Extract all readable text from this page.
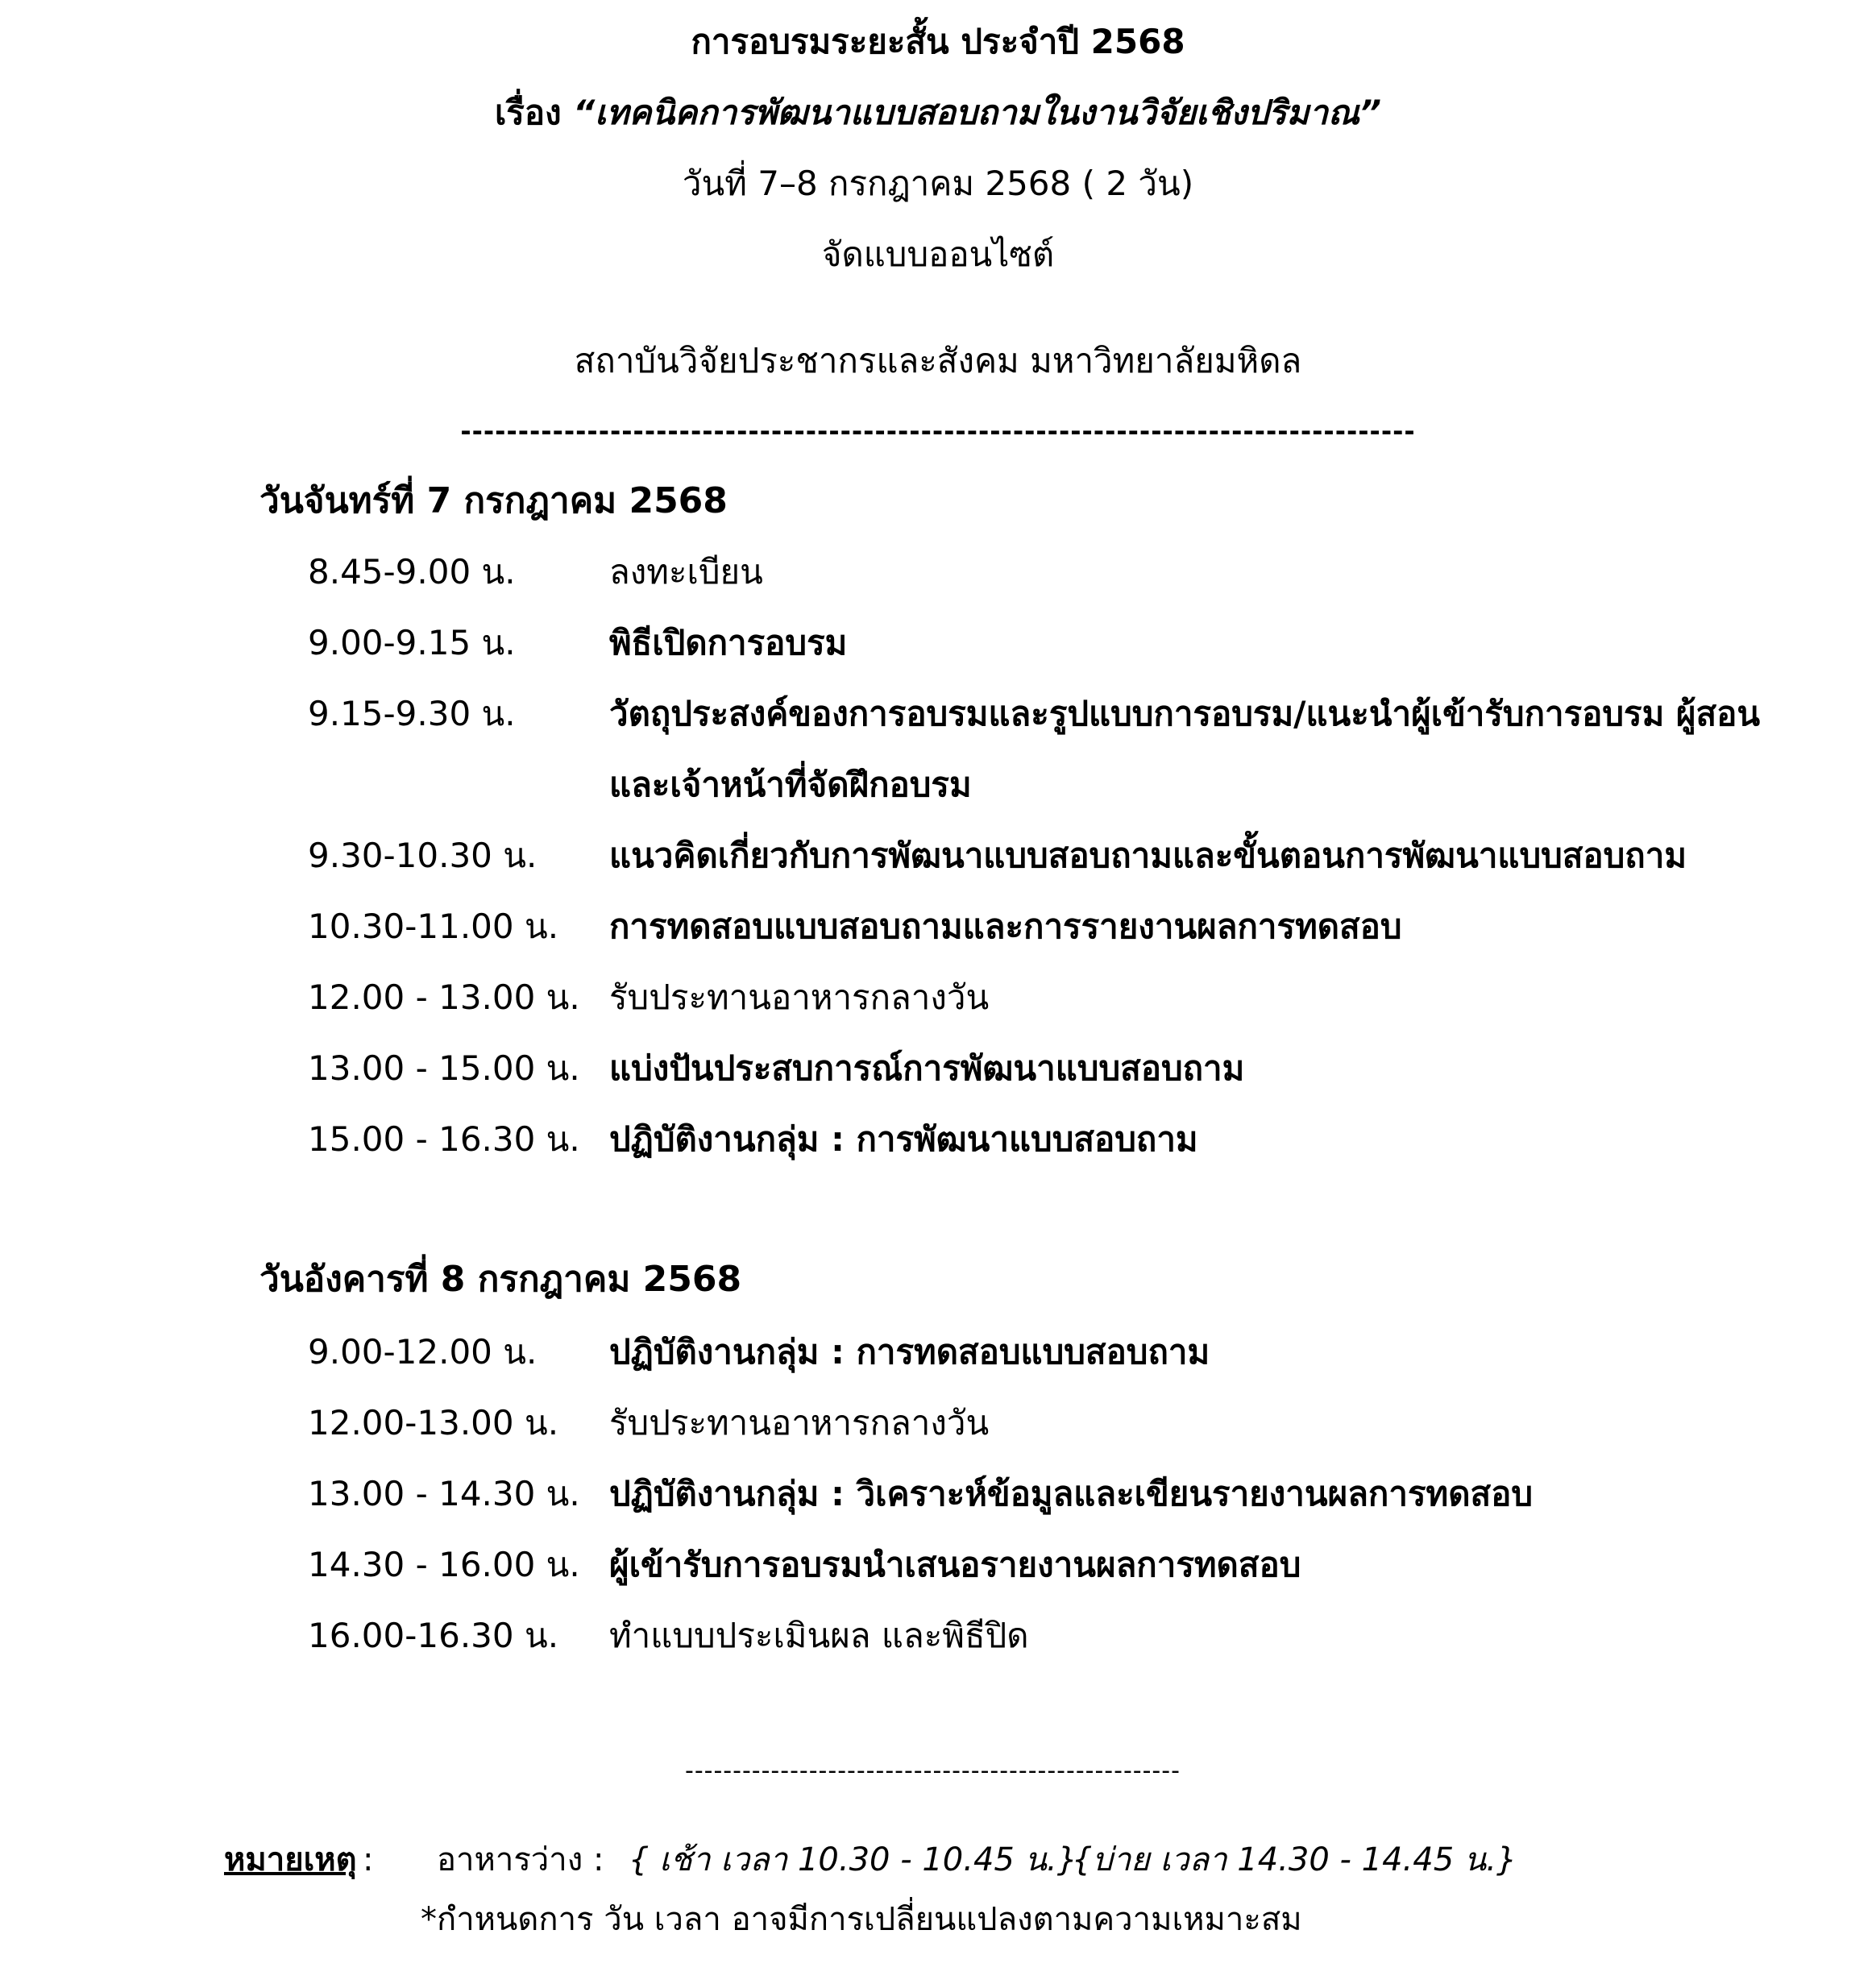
การอบรมระยะสั้น ประจำปี 2568
เรื่อง “เทคนิคการพัฒนาแบบสอบถามในงานวิจัยเชิงปริมาณ”
วันที่ 7–8 กรกฎาคม 2568 ( 2 วัน)
จัดแบบออนไซต์
สถาบันวิจัยประชากรและสังคม มหาวิทยาลัยมหิดล
-----------------------------------------------------------------------------------
วันจันทร์ที่ 7 กรกฎาคม 2568
8.45-9.00 น.	ลงทะเบียน
9.00-9.15 น.	พิธีเปิดการอบรม
9.15-9.30 น.	วัตถุประสงค์ของการอบรมและรูปแบบการอบรม/แนะนำผู้เข้ารับการอบรม ผู้สอน และเจ้าหน้าที่จัดฝึกอบรม
9.30-10.30 น. แนวคิดเกี่ยวกับการพัฒนาแบบสอบถามและขั้นตอนการพัฒนาแบบสอบถาม
10.30-11.00 น. การทดสอบแบบสอบถามและการรายงานผลการทดสอบ
12.00 - 13.00 น. รับประทานอาหารกลางวัน
13.00 - 15.00 น. แบ่งปันประสบการณ์การพัฒนาแบบสอบถาม
15.00 - 16.30 น. ปฏิบัติงานกลุ่ม : การพัฒนาแบบสอบถาม
วันอังคารที่ 8 กรกฎาคม 2568
9.00-12.00 น. ปฏิบัติงานกลุ่ม : การทดสอบแบบสอบถาม
12.00-13.00 น. รับประทานอาหารกลางวัน
13.00 - 14.30 น. ปฏิบัติงานกลุ่ม : วิเคราะห์ข้อมูลและเขียนรายงานผลการทดสอบ
14.30 - 16.00 น. ผู้เข้ารับการอบรมนำเสนอรายงานผลการทดสอบ
16.00-16.30 น. ทำแบบประเมินผล และพิธีปิด
----------------------------------------------------
หมายเหตุ : อาหารว่าง : { เช้า เวลา 10.30 - 10.45 น.}
{บ่าย เวลา 14.30 - 14.45 น.}
*กำหนดการ วัน เวลา อาจมีการเปลี่ยนแปลงตามความเหมาะสม
